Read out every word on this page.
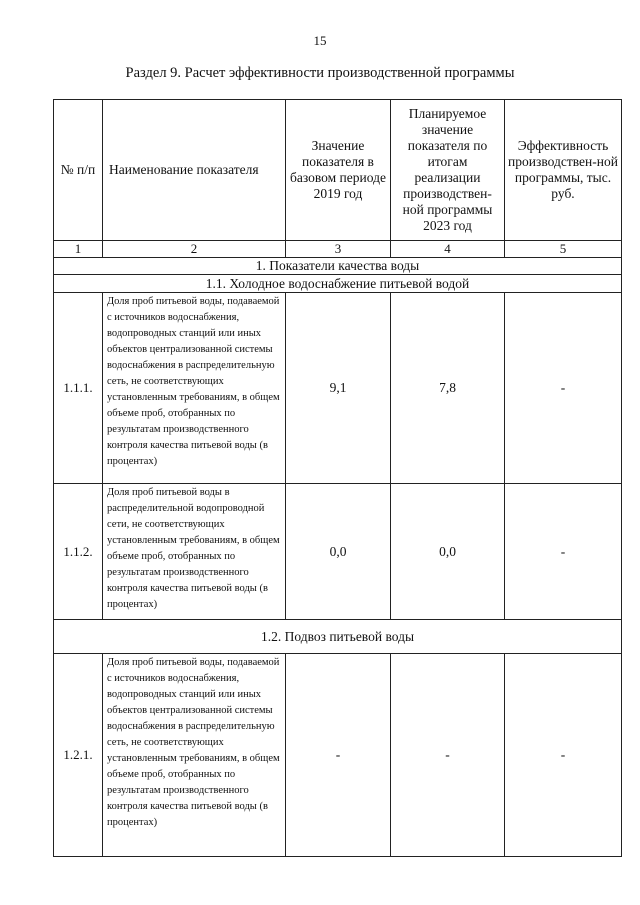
15
Раздел 9. Расчет эффективности производственной программы
№ п/п	Наименование показателя	Значение показателя в базовом периоде 2019 год	Планируемое значение показателя по итогам реализации производствен-ной программы 2023 год	Эффективность производствен-ной программы, тыс. руб.
1	2	3	4	5
1. Показатели качества воды				
1.1. Холодное водоснабжение питьевой водой				
1.1.1.	Доля проб питьевой воды, подаваемой с источников водоснабжения, водопроводных станций или иных объектов централизованной системы водоснабжения в распределительную сеть, не соответствующих установленным требованиям, в общем объеме проб, отобранных по результатам производственного контроля качества питьевой воды (в процентах)	9,1	7,8	-
1.1.2.	Доля проб питьевой воды в распределительной водопроводной сети, не соответствующих установленным требованиям, в общем объеме проб, отобранных по результатам производственного контроля качества питьевой воды (в процентах)	0,0	0,0	-
1.2. Подвоз питьевой воды				
1.2.1.	Доля проб питьевой воды, подаваемой с источников водоснабжения, водопроводных станций или иных объектов централизованной системы водоснабжения в распределительную сеть, не соответствующих установленным требованиям, в общем объеме проб, отобранных по результатам производственного контроля качества питьевой воды (в процентах)	-	-	-
